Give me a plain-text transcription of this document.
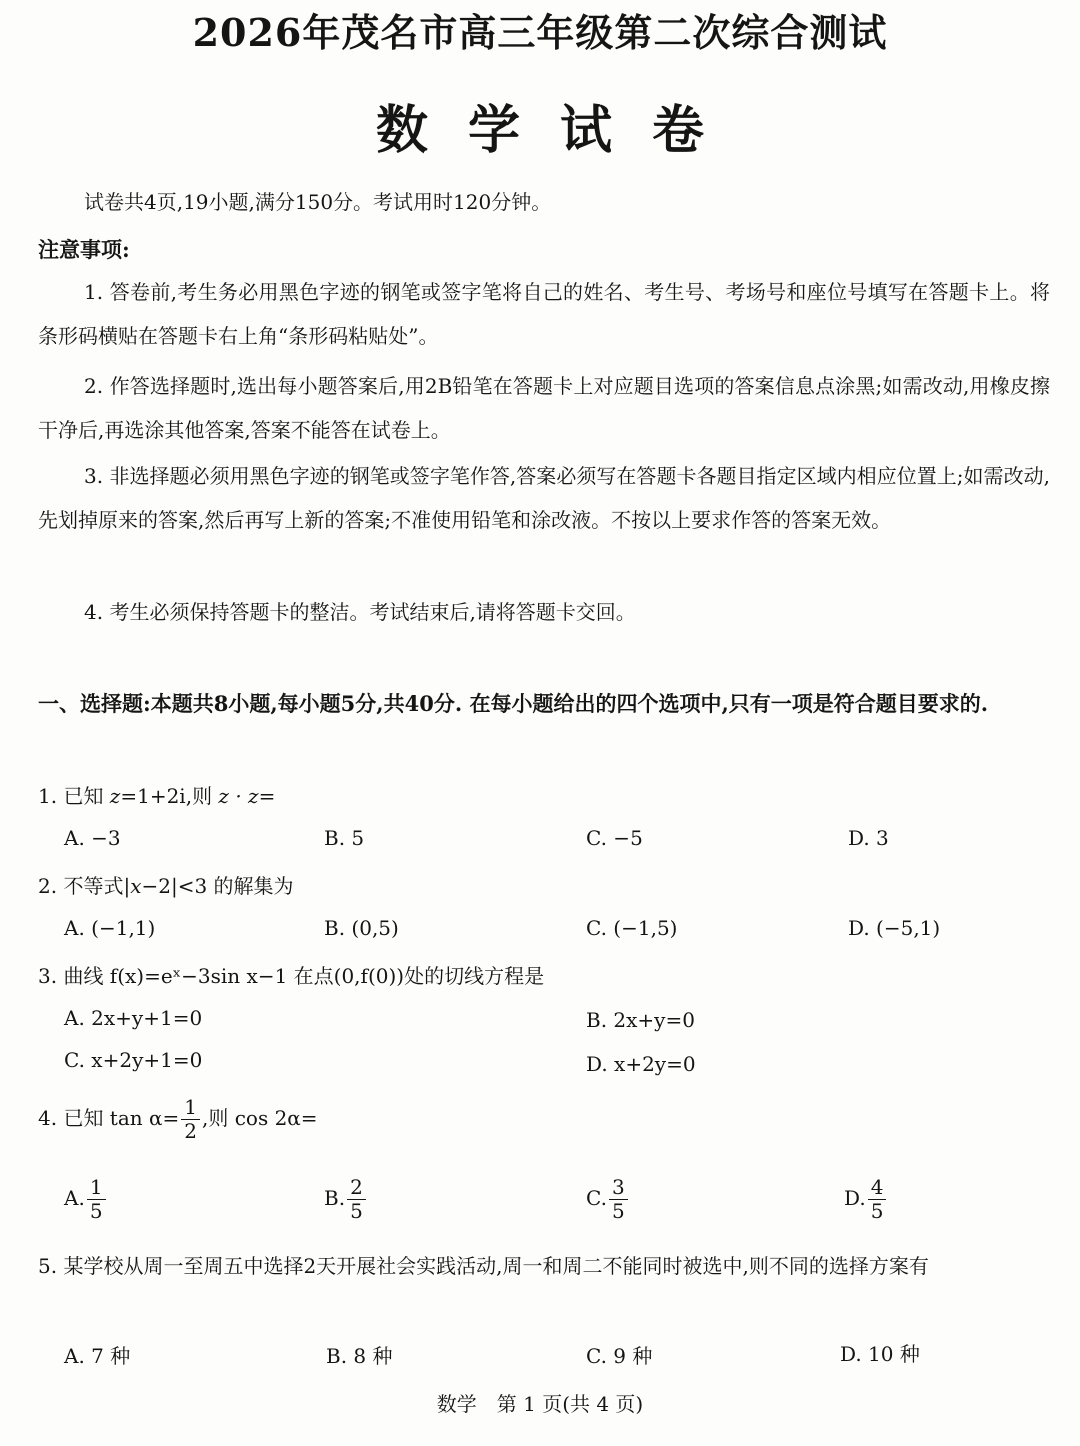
2026年茂名市高三年级第二次综合测试
数学试卷
试卷共4页,19小题,满分150分。考试用时120分钟。
注意事项:
1. 答卷前,考生务必用黑色字迹的钢笔或签字笔将自己的姓名、考生号、考场号和座位号填写在答题卡上。将条形码横贴在答题卡右上角“条形码粘贴处”。
2. 作答选择题时,选出每小题答案后,用2B铅笔在答题卡上对应题目选项的答案信息点涂黑;如需改动,用橡皮擦干净后,再选涂其他答案,答案不能答在试卷上。
3. 非选择题必须用黑色字迹的钢笔或签字笔作答,答案必须写在答题卡各题目指定区域内相应位置上;如需改动,先划掉原来的答案,然后再写上新的答案;不准使用铅笔和涂改液。不按以上要求作答的答案无效。
4. 考生必须保持答题卡的整洁。考试结束后,请将答题卡交回。
一、选择题:本题共8小题,每小题5分,共40分. 在每小题给出的四个选项中,只有一项是符合题目要求的.
1. 已知 z=1+2i,则 z · z=
A. −3	B. 5	C. −5	D. 3
2. 不等式|x−2|<3 的解集为
A. (−1,1)	B. (0,5)	C. (−1,5)	D. (−5,1)
3. 曲线 f(x)=eˣ−3sin x−1 在点(0,f(0))处的切线方程是
A. 2x+y+1=0	B. 2x+y=0
C. x+2y+1=0	D. x+2y=0
4. 已知 $\tan \alpha= \frac{1}{2}$ ,则 cos 2α=
A. $\frac{1}{5}$	B. $\frac{2}{5}$	C. $\frac{3}{5}$	D. $\frac{4}{5}$
5. 某学校从周一至周五中选择2天开展社会实践活动,周一和周二不能同时被选中,则不同的选择方案有
A. 7 种	B. 8 种	C. 9 种	D. 10 种
数学　第 1 页(共 4 页)
